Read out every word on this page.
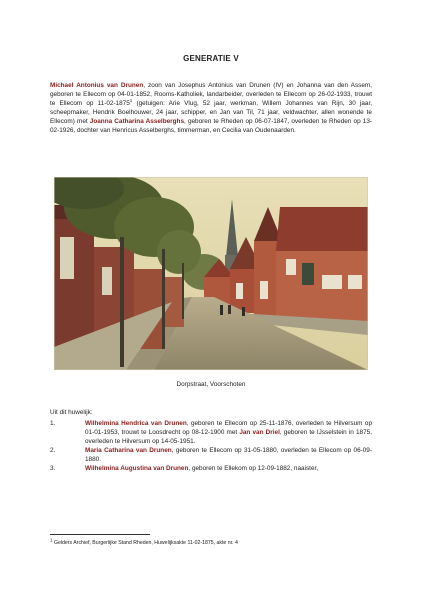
GENERATIE V

Michael Antonius van Drunen, zoon van Josephus Antonius van Drunen (IV) en Johanna van den Assem, geboren te Ellecom op 04-01-1852, Rooms-Katholiek, landarbeider, overleden te Ellecom op 26-02-1933, trouwt te Ellecom op 11-02-1875$^1$ (getuigen: Arie Vlug, 52 jaar, werkman, Willem Johannes van Rijn, 30 jaar, scheepmaker, Hendrik Boelhouwer, 24 jaar, schipper, en Jan van Til, 71 jaar, veldwachter, allen wonende te Ellecom) met Joanna Catharina Asselberghs, geboren te Rheden op 06-07-1847, overleden te Rheden op 13-02-1926, dochter van Henricus Asselberghs, timmerman, en Cecilia van Oudenaarden.

Dorpstraat, Voorschoten
Uit dit huwelijk:
1.	Wilhelmina Hendrica van Drunen, geboren te Ellecom op 25-11-1876, overleden te Hilversum op 01-01-1953, trouwt te Loosdrecht op 08-12-1900 met Jan van Driel, geboren te IJsselstein in 1875, overleden te Hilversum op 14-05-1951.
2.	Maria Catharina van Drunen, geboren te Ellecom op 31-05-1880, overleden te Ellecom op 06-09-1880.
3.	Wilhelmina Augustina van Drunen, geboren te Ellekom op 12-09-1882, naaister,
$^1$ Gelders Archief, Burgerlijke Stand Rheden, Huwelijksakte 11-02-1875, akte nr. 4
